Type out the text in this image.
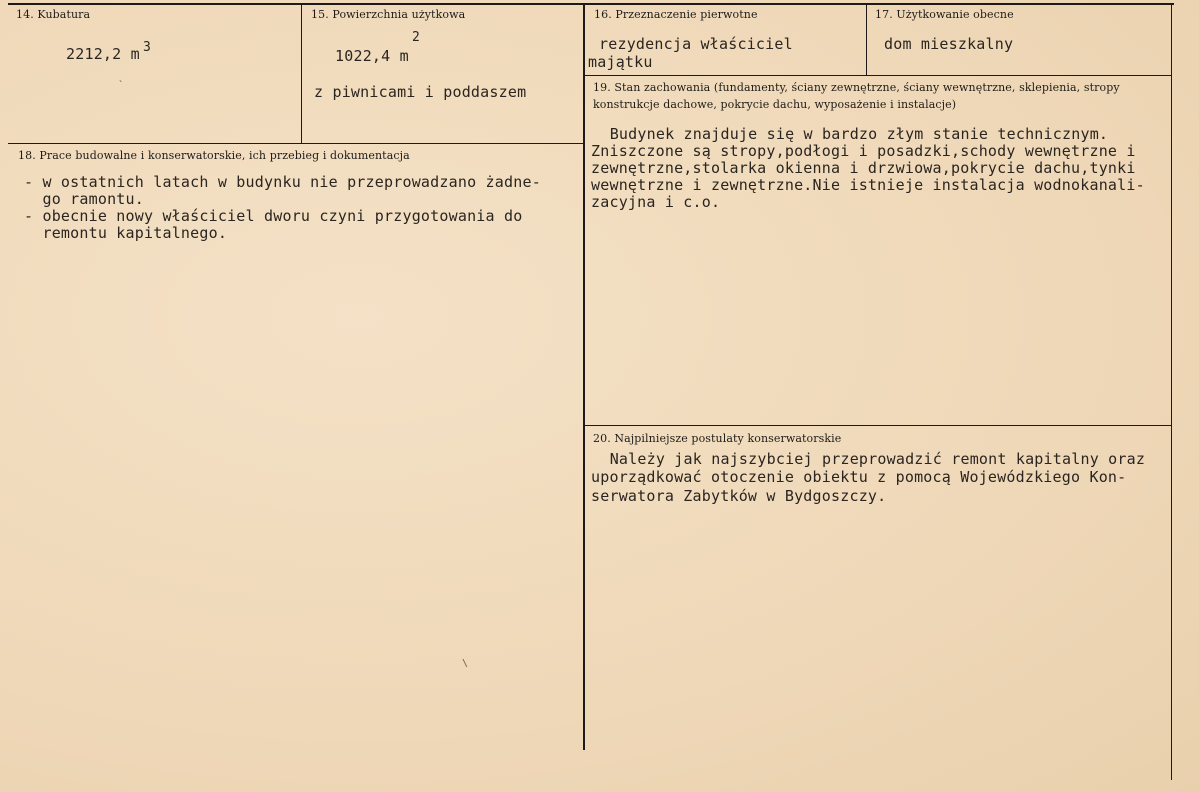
14. Kubatura
2212,2 m 3
`
15. Powierzchnia użytkowa
1022,4 m
2
z piwnicami i poddaszem
16. Przeznaczenie pierwotne
rezydencja właściciel
majątku
17. Użytkowanie obecne
dom mieszkalny
18. Prace budowalne i konserwatorskie, ich przebieg i dokumentacja
- w ostatnich latach w budynku nie przeprowadzano żadne-
go ramontu.
- obecnie nowy właściciel dworu czyni przygotowania do
remontu kapitalnego.
\
19. Stan zachowania (fundamenty, ściany zewnętrzne, ściany wewnętrzne, sklepienia, stropy konstrukcje dachowe, pokrycie dachu, wyposażenie i instalacje)
Budynek znajduje się w bardzo złym stanie technicznym.
Zniszczone są stropy,podłogi i posadzki,schody wewnętrzne i
zewnętrzne,stolarka okienna i drzwiowa,pokrycie dachu,tynki
wewnętrzne i zewnętrzne.Nie istnieje instalacja wodnokanali-
zacyjna i c.o.
20. Najpilniejsze postulaty konserwatorskie
Należy jak najszybciej przeprowadzić remont kapitalny oraz
uporządkować otoczenie obiektu z pomocą Wojewódzkiego Kon-
serwatora Zabytków w Bydgoszczy.
